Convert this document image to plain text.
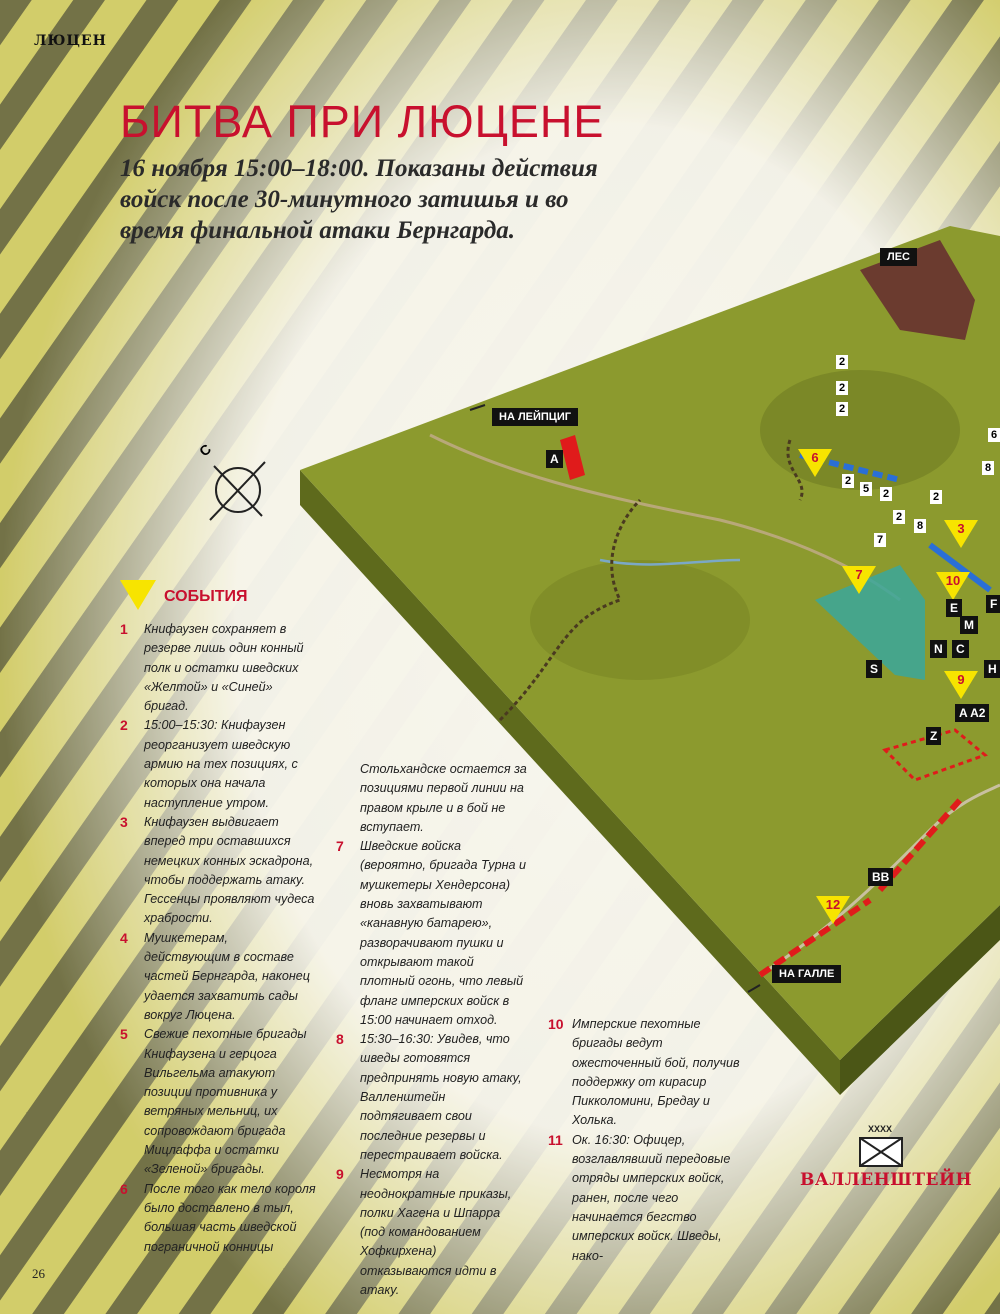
ЛЮЦЕН
БИТВА ПРИ ЛЮЦЕНЕ
16 ноября 15:00–18:00. Показаны действия войск после 30-минутного затишья и во время финальной атаки Бернгарда.
С
ЛЕС
НА ЛЕЙПЦИГ
НА ГАЛЛЕ
6
7
3
10
9
12
2
2
2
6
8
2
5 2	2
2
8
7
A
E	F
M
N	C
H
S
A A2
Z
BB
СОБЫТИЯ
1 Книфаузен сохраняет в резерве лишь один конный полк и остатки шведских «Желтой» и «Синей» бригад.
2 15:00–15:30: Книфаузен реорганизует шведскую армию на тех позициях, с которых она начала наступление утром.
3 Книфаузен выдвигает вперед три оставшихся немецких конных эскадрона, чтобы поддержать атаку. Гессенцы проявляют чудеса храбрости.
4 Мушкетерам, действующим в составе частей Бернгарда, наконец удается захватить сады вокруг Люцена.
5 Свежие пехотные бригады Книфаузена и герцога Вильгельма атакуют позиции противника у ветряных мельниц, их сопровождают бригада Мицлаффа и остатки «Зеленой» бригады.
6 После того как тело короля было доставлено в тыл, большая часть шведской пограничной конницы
Стольхандске остается за позициями первой линии на правом крыле и в бой не вступает.
7 Шведские войска (вероятно, бригада Турна и мушкетеры Хендерсона) вновь захватывают «канавную батарею», разворачивают пушки и открывают такой плотный огонь, что левый фланг имперских войск в 15:00 начинает отход.
8 15:30–16:30: Увидев, что шведы готовятся предпринять новую атаку, Валленштейн подтягивает свои последние резервы и перестраивает войска.
9 Несмотря на неоднократные приказы, полки Хагена и Шпарра (под командованием Хофкирхена) отказываются идти в атаку.
10 Имперские пехотные бригады ведут ожесточенный бой, получив поддержку от кирасир Пикколомини, Бредау и Холька.
11 Ок. 16:30: Офицер, возглавлявший передовые отряды имперских войск, ранен, после чего начинается бегство имперских войск. Шведы, нако-
XXXX
ВАЛЛЕНШТЕЙН
26
